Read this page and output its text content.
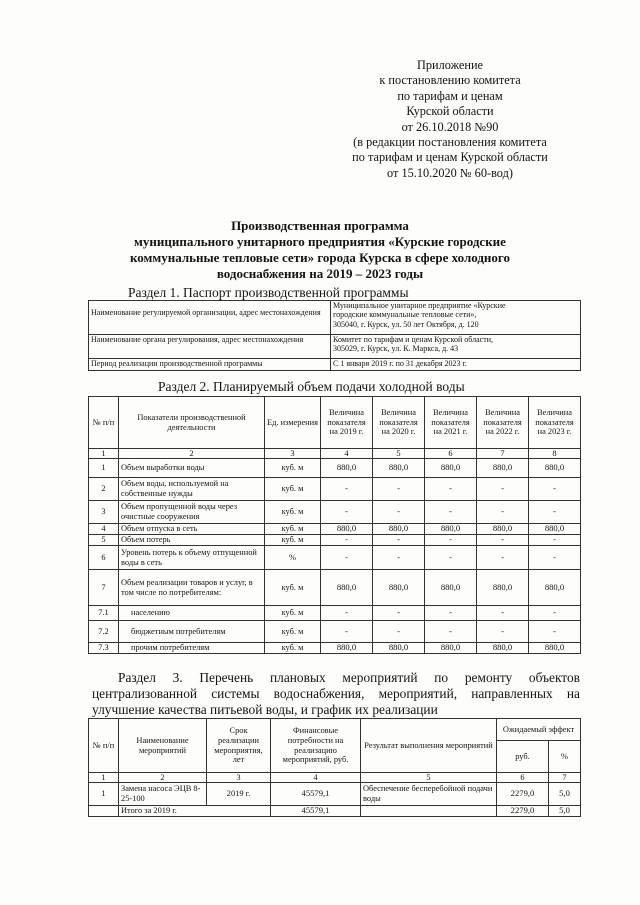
Приложение
к постановлению комитета
по тарифам и ценам
Курской области
от 26.10.2018 №90
(в редакции постановления комитета
по тарифам и ценам Курской области
от 15.10.2020 № 60-вод)
Производственная программа
муниципального унитарного предприятия «Курские городские
коммунальные тепловые сети» города Курска в сфере холодного
водоснабжения на 2019 – 2023 годы
Раздел 1. Паспорт производственной программы
Наименование регулируемой организации, адрес местонахождения	Муниципальное унитарное предприятие «Курские
городские коммунальные тепловые сети»,
305040, г. Курск, ул. 50 лет Октября, д. 120

Наименование органа регулирования, адрес местонахождения	Комитет по тарифам и ценам Курской области,
305029, г. Курск, ул. К. Маркса, д. 43

Период реализации производственной программы	С 1 января 2019 г. по 31 декабря 2023 г.
Раздел 2. Планируемый объем подачи холодной воды
№ п/п	Показатели производственной деятельности	Ед. измерения	Величина показателя на 2019 г.	Величина показателя на 2020 г.	Величина показателя на 2021 г.	Величина показателя на 2022 г.	Величина показателя на 2023 г.
1	2	3	4	5	6	7	8
1	Объем выработки воды	куб. м	880,0	880,0	880,0	880,0	880,0
2	Объем воды, используемой на собственные нужды	куб. м	-	-	-	-	-
3	Объем пропущенной воды через очистные сооружения	куб. м	-	-	-	-	-
4	Объем отпуска в сеть	куб. м	880,0	880,0	880,0	880,0	880,0
5	Объем потерь	куб. м	-	-	-	-	-
6	Уровень потерь к объему отпущенной воды в сеть	%	-	-	-	-	-
7	Объем реализации товаров и услуг, в том числе по потребителям:	куб. м	880,0	880,0	880,0	880,0	880,0
7.1	населению	куб. м	-	-	-	-	-
7.2	бюджетным потребителям	куб. м	-	-	-	-	-
7.3	прочим потребителям	куб. м	880,0	880,0	880,0	880,0	880,0
Раздел 3. Перечень плановых мероприятий по ремонту объектов
централизованной системы водоснабжения, мероприятий, направленных на
улучшение качества питьевой воды, и график их реализации
№ п/п	Наименование мероприятий	Срок реализации мероприятия, лет	Финансовые потребности на реализацию мероприятий, руб.	Результат выполнения мероприятий	Ожидаемый эффект	
					руб.	%
1	2	3	4	5	6	7
1	Замена насоса ЭЦВ 8-25-100	2019 г.	45579,1	Обеспечение бесперебойной подачи воды	2279,0	5,0
	Итого за 2019 г.		45579,1		2279,0	5,0
